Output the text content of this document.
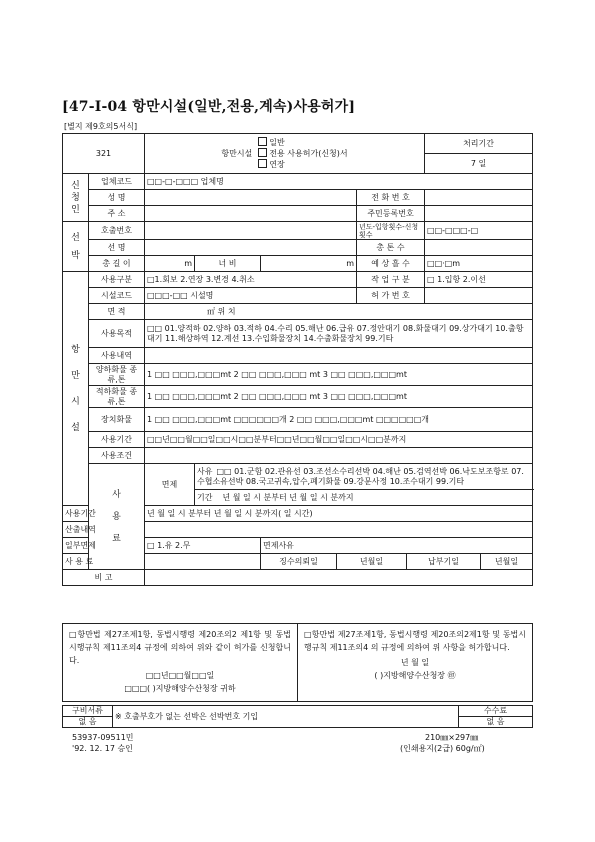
[47-Ⅰ-04 항만시설(일반,전용,계속)사용허가]
[별지 제9호의5서식]
321		항만시설
일반
전용 사용허가(신청)서
연장						처리기간	
								7 일	

신
청
인	업체코드	□□-□-□□□ 업체명							
	성 명					전 화 번 호			
	주 소					주민등록번호			

선
박	호출번호					년도-입항횟수-신청횟수		□□-□□□-□	
	선 명					총 톤 수			
	총 길 이	m	너 비	m		예 상 흘 수		□□·□m	

항
만
시
설	사용구분	□1.회보 2.연장 3.변경 4.취소				작 업 구 분		□ 1.입항 2.이선	
	시설코드	□□□-□□ 시설명				허 가 번 호			
	면 적	㎡ 위 치							
	사용목적	□□ 01.양적하 02.양하 03.적하 04.수리 05.해난 06.급유 07.정안대기 08.화물대기 09.상가대기 10.출항대기 11.해상하역 12.계선 13.수입화물장치 14.수출화물장치 99.기타							
	사용내역								
	양하화물 종류,톤	1 □□ □□□,□□□mt 2 □□ □□□,□□□ mt 3 □□ □□□,□□□mt							
	적하화물 종류,톤	1 □□ □□□,□□□mt 2 □□ □□□,□□□ mt 3 □□ □□□,□□□mt							
	장치화물	1 □□ □□□,□□□mt □□□□□□개 2 □□ □□□,□□□mt □□□□□□개							
	사용기간	□□년□□월□□일□□시□□분부터□□년□□월□□일□□시□□분까지							
	사용조건								

	사
용
료	면제	사유 □□ 01.군함 02.관유선 03.조선소수리선박 04.해난 05.검역선박 06.낙도보조항로 07.수협소유선박 08.국고귀속,압수,폐기화물 09.강문사정 10.조수대기 99.기타						
			기간 년 월 일 시 분부터 년 월 일 시 분까지						
사용기간		년 월 일 시 분부터 년 월 일 시 분까지( 일 시간)							
산출내역									
일부면제		□ 1.유 2.무		면제사유					
사 용 료				징수의뢰일	년월일		납부기일		년월일
비 고									
□항만법 제27조제1항, 동법시행령 제20조의2 제1항 및 동법시행규칙 제11조의4 규정에 의하여 위와 같이 허가를 신청합니다.
□□년□□월□□일
□□□( )지방해양수산청장 귀하

□항만법 제27조제1항, 동법시행령 제20조의2제1항 및 동법시행규칙 제11조의4 의 규정에 의하여 위 사항을 허가합니다.
년 월 일
( )지방해양수산청장 ㊞
구비서류	※ 호출부호가 없는 선박은 선박번호 기입	수수료
없 음		없 음
53937-09511민
'92. 12. 17 승인
210㎜×297㎜
(인쇄용지(2급) 60g/㎡)
